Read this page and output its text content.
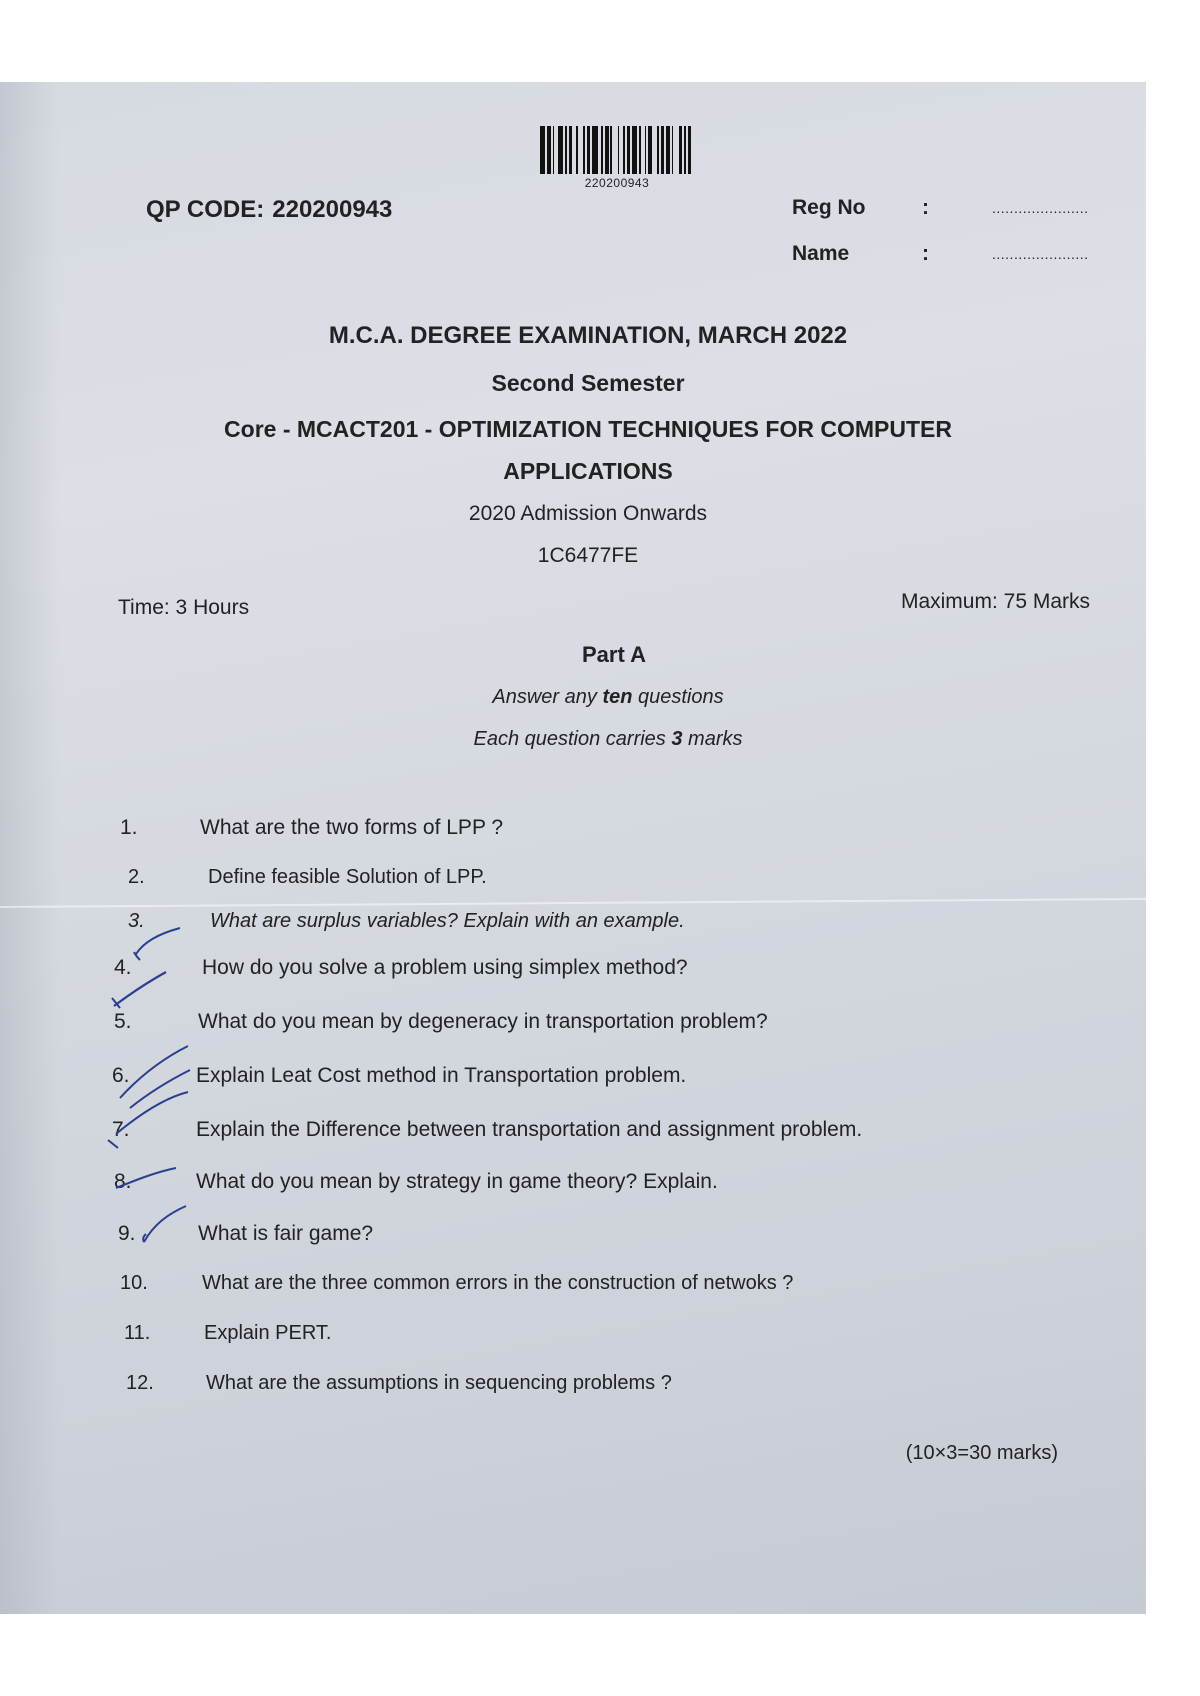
220200943
QP CODE: 220200943	Reg No	:	......................
Name	:	......................
M.C.A. DEGREE EXAMINATION, MARCH 2022
Second Semester
Core - MCACT201 - OPTIMIZATION TECHNIQUES FOR COMPUTER
APPLICATIONS
2020 Admission Onwards
1C6477FE
Time: 3 Hours	Maximum: 75 Marks
Part A
Answer any ten questions
Each question carries 3 marks
1.	What are the two forms of LPP ?
2.	Define feasible Solution of LPP.
3.	What are surplus variables? Explain with an example.
4.	How do you solve a problem using simplex method?
5.	What do you mean by degeneracy in transportation problem?
6.	Explain Leat Cost method in Transportation problem.
7.	Explain the Difference between transportation and assignment problem.
8.	What do you mean by strategy in game theory? Explain.
9.	What is fair game?
10.	What are the three common errors in the construction of netwoks ?
11.	Explain PERT.
12.	What are the assumptions in sequencing problems ?
(10×3=30 marks)
